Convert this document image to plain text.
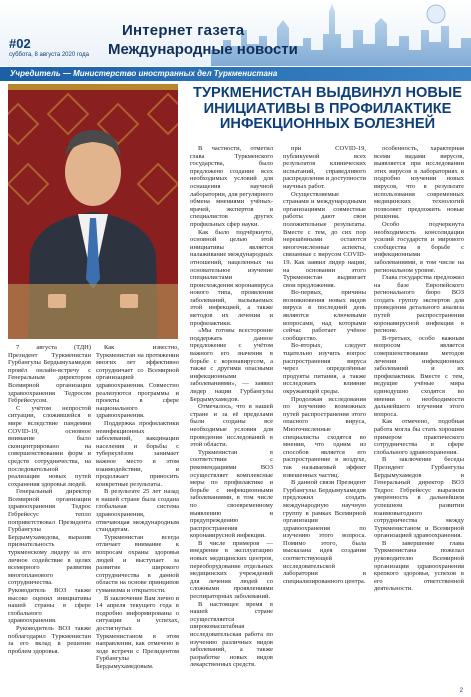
#02
суббота, 8 августа 2020 года
Интернет газета
Международные новости
Учредитель — Министерство иностранных дел Туркменистана
ТУРКМЕНИСТАН ВЫДВИНУЛ НОВЫЕ ИНИЦИАТИВЫ В ПРОФИЛАКТИКЕ ИНФЕКЦИОННЫХ БОЛЕЗНЕЙ

7 августа (ТДН) Президент Туркменистан Гурбангулы Бердымухамедов провёл онлайн-встречу с Генеральным директором Всемирной организации здравоохранения Тедросом Гебрейесусом.

С учётом непростой ситуации, сложившейся в мире вследствие пандемии COVID-19, основное внимание было сконцентрировано на совершенствовании форм и средств сотрудничества, на последовательной реализации новых путей сохранения здоровья людей.

Генеральный директор Всемирной организации здравоохранения Тедрос Гебрейесус тепло поприветствовал Президента Гурбангулы Бердымухамедова, выразив признательность туркменскому лидеру за его личное содействие в целях всемерного развития многопланового сотрудничества. Руководитель ВОЗ также высоко оценил инициативы нашей страны в сфере глобального здравоохранения.

Руководитель ВОЗ также поблагодарил Туркменистан за его вклад в решение проблем здоровья.

Как известно, Туркменистан на протяжении многих лет эффективно сотрудничает со Всемирной организацией здравоохранения. Совместно реализуются программы и проекты в сфере национального здравоохранения.

Поддержка профилактики неинфекционных заболеваний, вакцинации населения и борьбы с туберкулёзом занимает важное место в этом взаимодействии, и продолжает приносить конкретные результаты.

В результате 25 лет назад в нашей стране была создана глобальная система здравоохранения, отвечающая международным стандартам.

Туркменистан всегда отличает внимание к вопросам охраны здоровья людей и выступает за развитие широкого сотрудничества в данной области на основе принципов гуманизма и открытости.

В заключение Вам лично и 14 апреля текущего года в подробно информированы о ситуации и успехах, достигнутых Туркменистаном в этом направлении, как отмечено в ходе встречи с Президентом Гурбангулы Бердымухамедовым.

В частности, отметил глава Туркменского государства, было предложено создание всех необходимых условий для оснащения научной лаборатории, для регулярного обмена мнениями учёных-врачей, экспертов и специалистов других профильных сфер науки.

Как было подчёркнуто, основной целью этой инициативы является налаживание международных отношений, нацеленных на основательное изучение специалистами происхождения коронавируса нового типа, проявления заболеваний, вызываемых этой инфекцией, а также методов их лечения и профилактики.

«Мы готовы всесторонне поддержать данное предложение с учётом важного его значения в борьбе с коронавирусом, а также с другими опасными инфекционными заболеваниями», — заявил лидер нации Гурбангулы Бердымухамедов.

Отмечалось, что в нашей стране и за её пределами были созданы все необходимые условия для проведения исследований в этой области.

Туркменистан в соответствии с рекомендациями ВОЗ осуществляет комплексные меры по профилактике и борьбе с инфекционными заболеваниями, в том числе по своевременному выявлению и предупреждению распространения коронавирусной инфекции.

В числе примеров — внедрение в эксплуатацию новых медицинских центров, переоборудование отдельных медицинских учреждений для лечения людей со сложными проявлениями респираторных заболеваний.

В настоящее время в нашей стране осуществляется широкомасштабная исследовательская работа по изучению различных видов заболеваний, а также разработке новых видов лекарственных средств.

при COVID-19, публикуемой всех результатов клинических испытаний, справедливого распределения и доступности научных работ.

Осуществляемые странами и международными организациями совместные работы дают свои положительные результаты. Вместе с тем, до сих пор нерешёнными остаются многочисленные аспекты, связанные с вирусом COVID-19. Как заявил лидер нации, на основании этого Туркменистан выдвигает свои предложения.

Во-первых, причины возникновения новых видов вируса в последний день являются ключевыми вопросами, над которыми сейчас работает учёное сообщество.

Во-вторых, следует тщательно изучить вопрос распространения вируса через определённые продукты питания, а также исследовать влияние окружающей среды.

Продолжая исследования по изучению возможных путей распространения этого опасного вируса, Многочисленные специалисты сходятся во мнении, что одним из способов является его распространение в воздухе, так называемый эффект взвешенных частиц.

В данной связи Президент Гурбангулы Бердымухамедов предложил создать международную научную группу в рамках Всемирной организации здравоохранения по изучению этого вопроса. Помимо этого, была высказана идея создания соответствующей исследовательской лаборатории и специализированного центра.

особенность, характерная всеми видами вирусов, выявляется при исследовании этих вирусов в лабораториях и подробно изучении новых вирусов, что в результате использования современных медицинских технологий позволяет предложить новые решения.

Особо подчеркнута необходимость консолидации усилий государств и мирового сообщества в борьбе с инфекционными заболеваниями, в том числе на региональном уровне.

Глава государства предложил на базе Европейского регионального бюро ВОЗ создать группу экспертов для проведения детального анализа путей распространения коронавирусной инфекции в регионе.

В-третьих, особо важным вопросом является совершенствование методов лечения инфекционных заболеваний и их профилактики. Вместе с тем, ведущие учёные мира единодушно сходятся во мнении о необходимости дальнейшего изучения этого вопроса.

Как отмечено, подобная работа могла бы стать хорошим примером практического сотрудничества в сфере глобального здравоохранения.

В заключение беседы Президент Гурбангулы Бердымухамедов и Генеральный директор ВОЗ Тедрос Гебрейесус выразили уверенность в дальнейшем успешном развитии взаимовыгодного сотрудничества между Туркменистаном и Всемирной организацией здравоохранения.

В завершение глава Туркменистана пожелал руководителю Всемирной организации здравоохранения крепкого здоровья, успехов в его ответственной деятельности.

2
